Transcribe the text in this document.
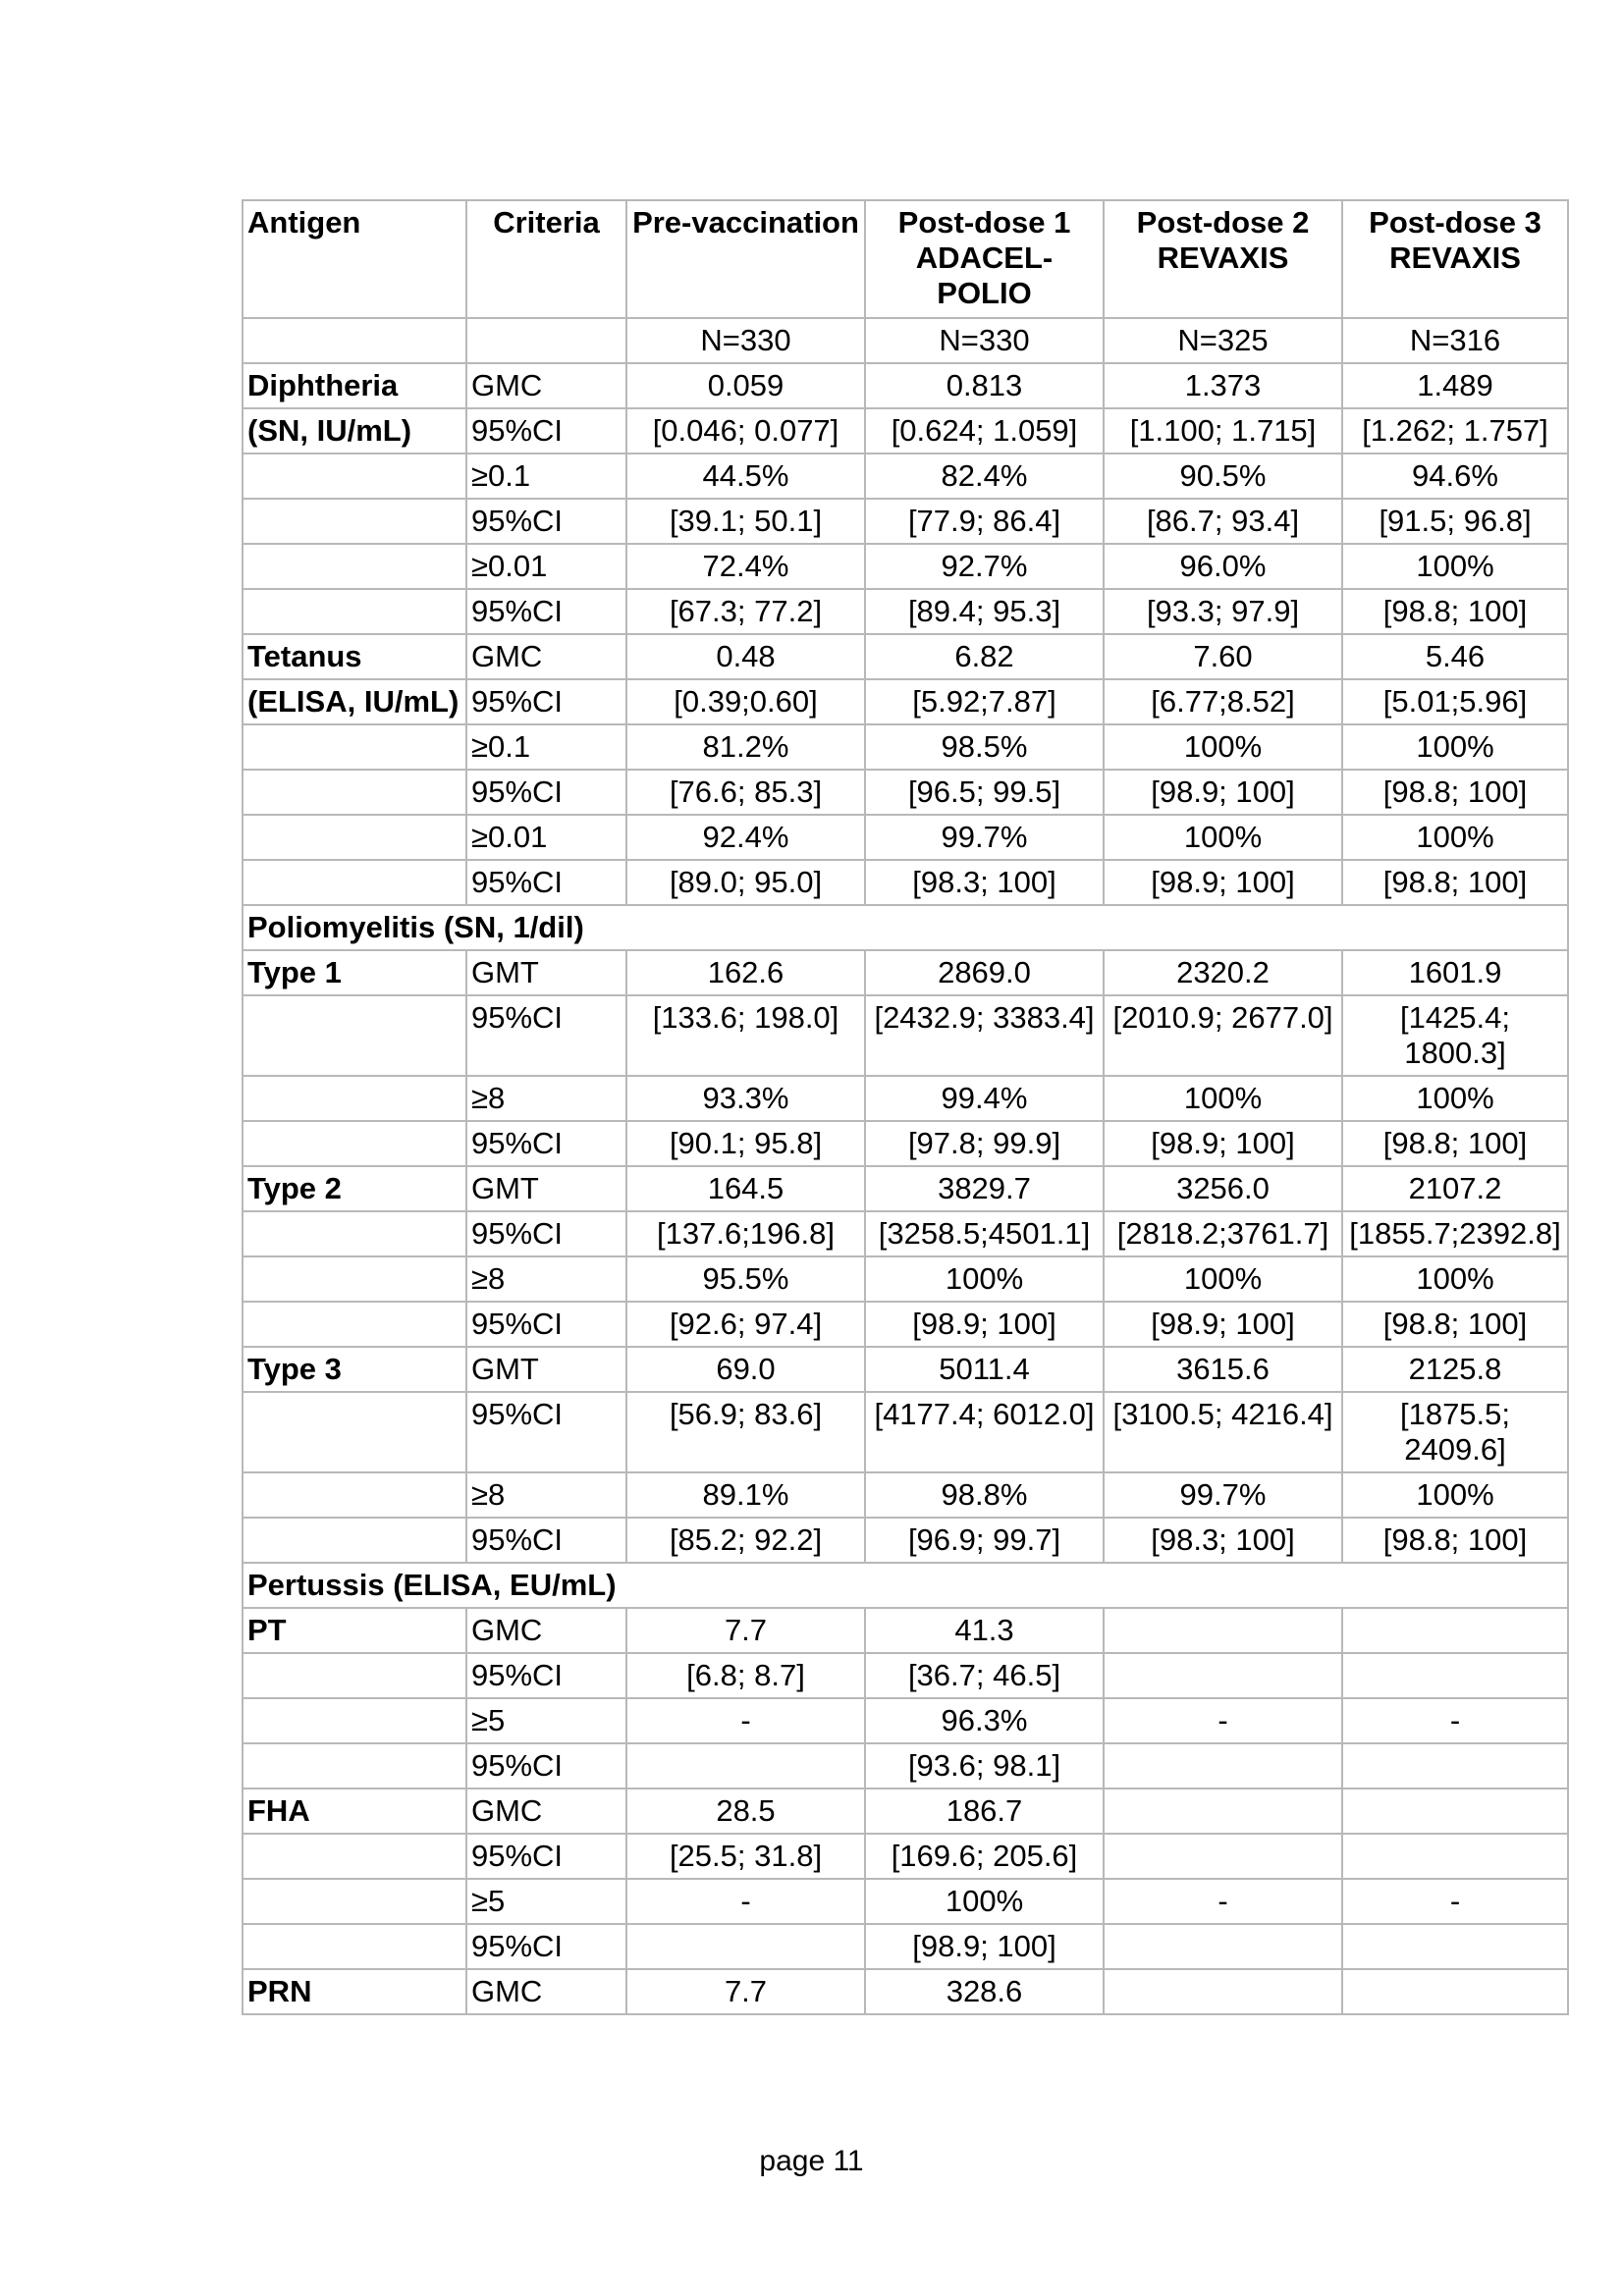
Antigen	Criteria	Pre-vaccination	Post-dose 1 ADACEL-POLIO	Post-dose 2 REVAXIS	Post-dose 3 REVAXIS
		N=330	N=330	N=325	N=316
Diphtheria	GMC	0.059	0.813	1.373	1.489
(SN, IU/mL)	95%CI	[0.046; 0.077]	[0.624; 1.059]	[1.100; 1.715]	[1.262; 1.757]
	≥0.1	44.5%	82.4%	90.5%	94.6%
	95%CI	[39.1; 50.1]	[77.9; 86.4]	[86.7; 93.4]	[91.5; 96.8]
	≥0.01	72.4%	92.7%	96.0%	100%
	95%CI	[67.3; 77.2]	[89.4; 95.3]	[93.3; 97.9]	[98.8; 100]
Tetanus	GMC	0.48	6.82	7.60	5.46
(ELISA, IU/mL)	95%CI	[0.39;0.60]	[5.92;7.87]	[6.77;8.52]	[5.01;5.96]
	≥0.1	81.2%	98.5%	100%	100%
	95%CI	[76.6; 85.3]	[96.5; 99.5]	[98.9; 100]	[98.8; 100]
	≥0.01	92.4%	99.7%	100%	100%
	95%CI	[89.0; 95.0]	[98.3; 100]	[98.9; 100]	[98.8; 100]
Poliomyelitis (SN, 1/dil)					
Type 1	GMT	162.6	2869.0	2320.2	1601.9
	95%CI	[133.6; 198.0]	[2432.9; 3383.4]	[2010.9; 2677.0]	[1425.4; 1800.3]
	≥8	93.3%	99.4%	100%	100%
	95%CI	[90.1; 95.8]	[97.8; 99.9]	[98.9; 100]	[98.8; 100]
Type 2	GMT	164.5	3829.7	3256.0	2107.2
	95%CI	[137.6;196.8]	[3258.5;4501.1]	[2818.2;3761.7]	[1855.7;2392.8]
	≥8	95.5%	100%	100%	100%
	95%CI	[92.6; 97.4]	[98.9; 100]	[98.9; 100]	[98.8; 100]
Type 3	GMT	69.0	5011.4	3615.6	2125.8
	95%CI	[56.9; 83.6]	[4177.4; 6012.0]	[3100.5; 4216.4]	[1875.5; 2409.6]
	≥8	89.1%	98.8%	99.7%	100%
	95%CI	[85.2; 92.2]	[96.9; 99.7]	[98.3; 100]	[98.8; 100]
Pertussis (ELISA, EU/mL)					
PT	GMC	7.7	41.3		
	95%CI	[6.8; 8.7]	[36.7; 46.5]		
	≥5	-	96.3%	-	-
	95%CI		[93.6; 98.1]		
FHA	GMC	28.5	186.7		
	95%CI	[25.5; 31.8]	[169.6; 205.6]		
	≥5	-	100%	-	-
	95%CI		[98.9; 100]		
PRN	GMC	7.7	328.6		
page 11
